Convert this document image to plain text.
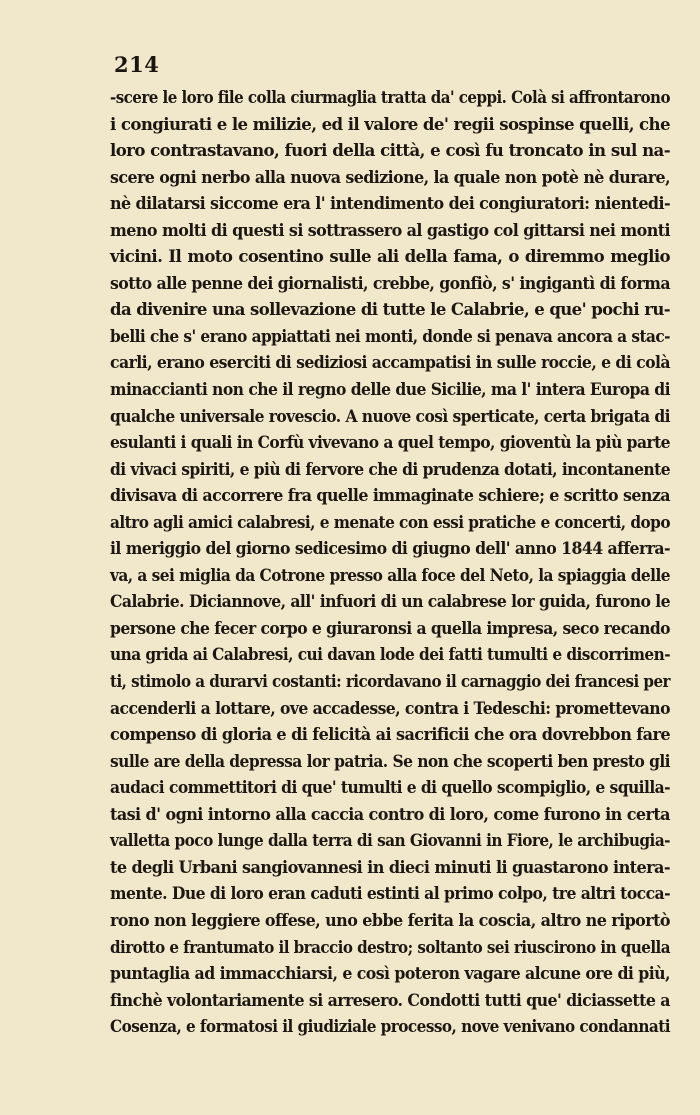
214
-scere le loro file colla ciurmaglia tratta da' ceppi. Colà si affrontarono
i congiurati e le milizie, ed il valore de' regii sospinse quelli, che
loro contrastavano, fuori della città, e così fu troncato in sul na-
scere ogni nerbo alla nuova sedizione, la quale non potè nè durare,
nè dilatarsi siccome era l' intendimento dei congiuratori: nientedi-
meno molti di questi si sottrassero al gastigo col gittarsi nei monti
vicini. Il moto cosentino sulle ali della fama, o diremmo meglio
sotto alle penne dei giornalisti, crebbe, gonfiò, s' ingigantì di forma
da divenire una sollevazione di tutte le Calabrie, e que' pochi ru-
belli che s' erano appiattati nei monti, donde si penava ancora a stac-
carli, erano eserciti di sediziosi accampatisi in sulle roccie, e di colà
minaccianti non che il regno delle due Sicilie, ma l' intera Europa di
qualche universale rovescio. A nuove così sperticate, certa brigata di
esulanti i quali in Corfù vivevano a quel tempo, gioventù la più parte
di vivaci spiriti, e più di fervore che di prudenza dotati, incontanente
divisava di accorrere fra quelle immaginate schiere; e scritto senza
altro agli amici calabresi, e menate con essi pratiche e concerti, dopo
il meriggio del giorno sedicesimo di giugno dell' anno 1844 afferra-
va, a sei miglia da Cotrone presso alla foce del Neto, la spiaggia delle
Calabrie. Diciannove, all' infuori di un calabrese lor guida, furono le
persone che fecer corpo e giuraronsi a quella impresa, seco recando
una grida ai Calabresi, cui davan lode dei fatti tumulti e discorrimen-
ti, stimolo a durarvi costanti: ricordavano il carnaggio dei francesi per
accenderli a lottare, ove accadesse, contra i Tedeschi: promettevano
compenso di gloria e di felicità ai sacrificii che ora dovrebbon fare
sulle are della depressa lor patria. Se non che scoperti ben presto gli
audaci commettitori di que' tumulti e di quello scompiglio, e squilla-
tasi d' ogni intorno alla caccia contro di loro, come furono in certa
valletta poco lunge dalla terra di san Giovanni in Fiore, le archibugia-
te degli Urbani sangiovannesi in dieci minuti li guastarono intera-
mente. Due di loro eran caduti estinti al primo colpo, tre altri tocca-
rono non leggiere offese, uno ebbe ferita la coscia, altro ne riportò
dirotto e frantumato il braccio destro; soltanto sei riuscirono in quella
puntaglia ad immacchiarsi, e così poteron vagare alcune ore di più,
finchè volontariamente si arresero. Condotti tutti que' diciassette a
Cosenza, e formatosi il giudiziale processo, nove venivano condannati
